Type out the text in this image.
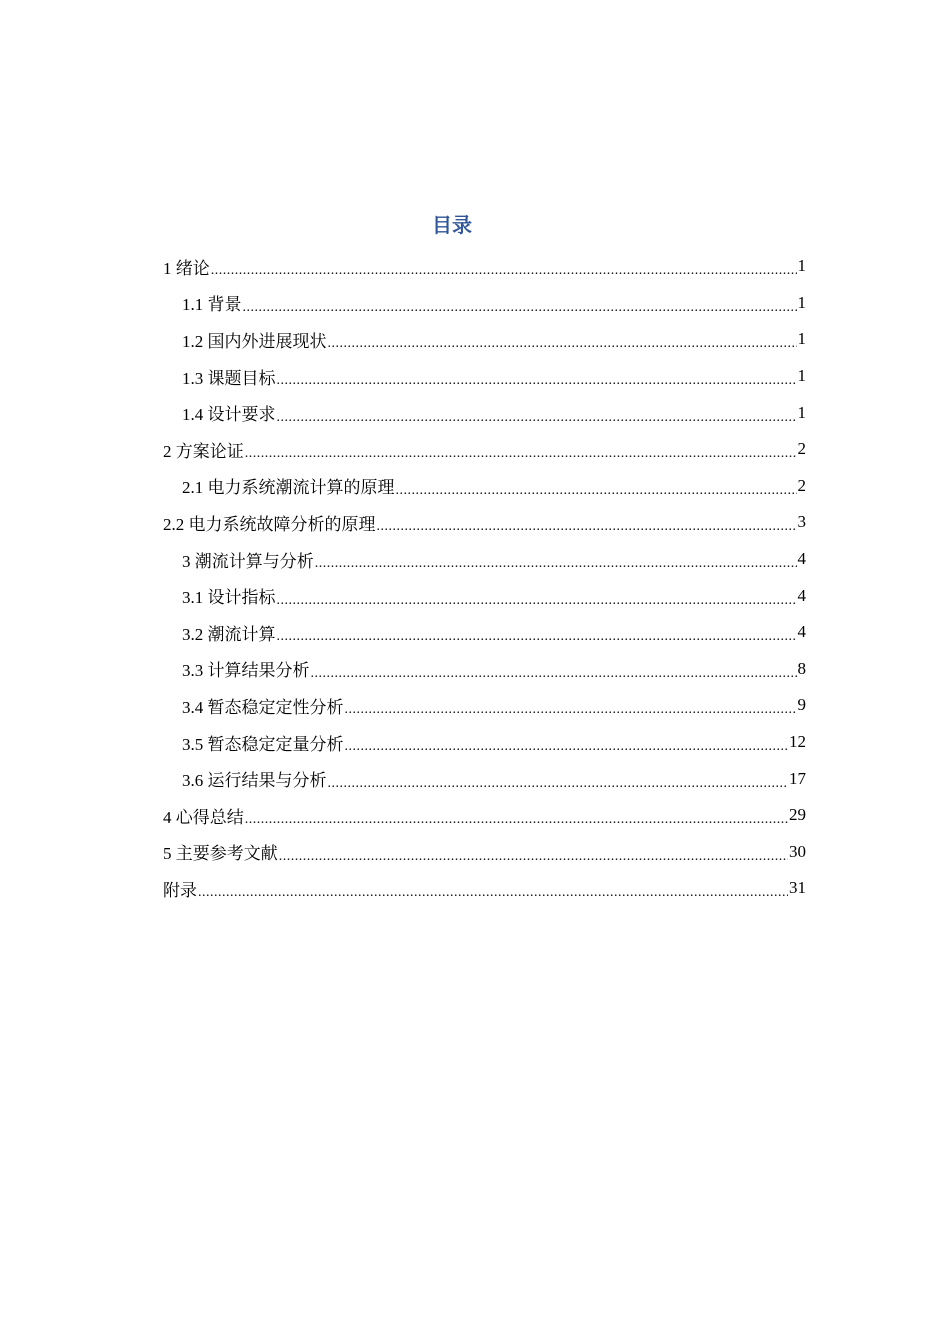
目录
1 绪论 .....	1
1.1 背景 .....	1
1.2 国内外进展现状 .....	1
1.3 课题目标 .....	1
1.4 设计要求 .....	1
2 方案论证 .....	2
2.1 电力系统潮流计算的原理 .....	2
2.2 电力系统故障分析的原理 .....	3
3 潮流计算与分析 .....	4
3.1 设计指标 .....	4
3.2 潮流计算 .....	4
3.3 计算结果分析 .....	8
3.4 暂态稳定定性分析 .....	9
3.5 暂态稳定定量分析 .....	12
3.6 运行结果与分析 .....	17
4 心得总结 .....	29
5 主要参考文献 .....	30
附录 .....	31
